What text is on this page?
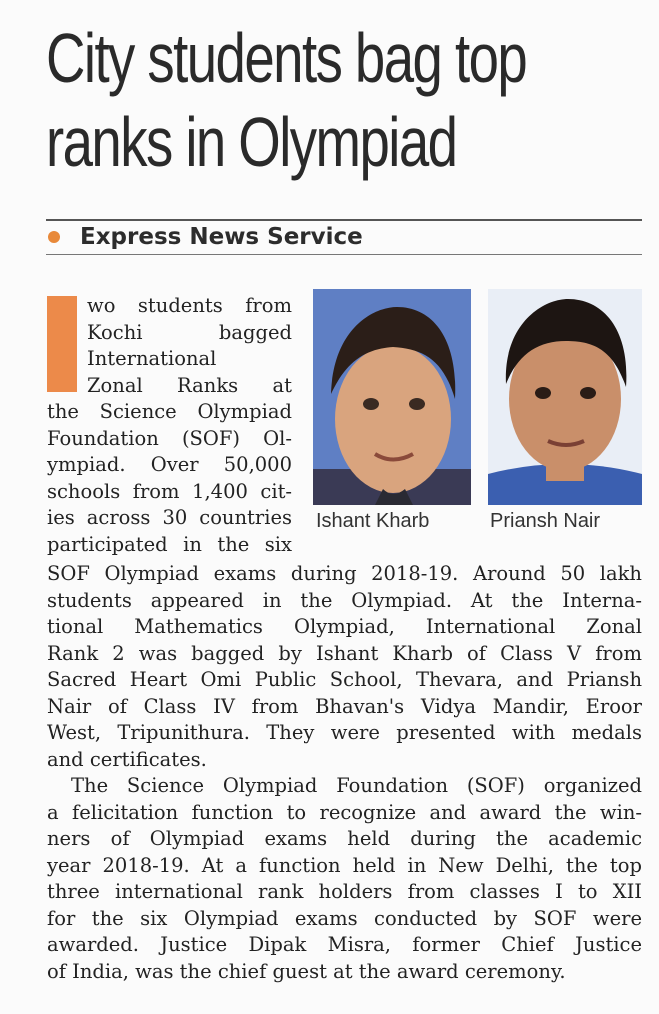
City students bag top
ranks in Olympiad
Express News Service
Ishant Kharb	Priansh Nair
wo students from
Kochi bagged
International
Zonal Ranks at
the Science Olympiad
Foundation (SOF) Ol-
ympiad. Over 50,000
schools from 1,400 cit-
ies across 30 countries
participated in the six
SOF Olympiad exams during 2018-19. Around 50 lakh
students appeared in the Olympiad. At the Interna-
tional Mathematics Olympiad, International Zonal
Rank 2 was bagged by Ishant Kharb of Class V from
Sacred Heart Omi Public School, Thevara, and Priansh
Nair of Class IV from Bhavan's Vidya Mandir, Eroor
West, Tripunithura. They were presented with medals
and certificates.
The Science Olympiad Foundation (SOF) organized
a felicitation function to recognize and award the win-
ners of Olympiad exams held during the academic
year 2018-19. At a function held in New Delhi, the top
three international rank holders from classes I to XII
for the six Olympiad exams conducted by SOF were
awarded. Justice Dipak Misra, former Chief Justice
of India, was the chief guest at the award ceremony.
